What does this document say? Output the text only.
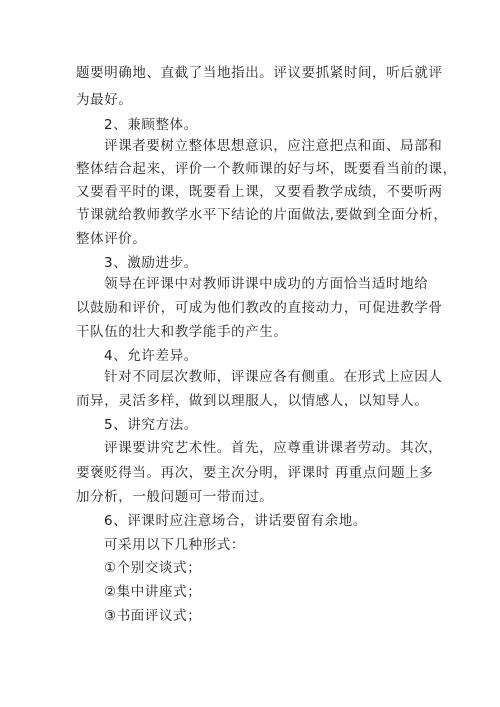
题要明确地、直截了当地指出。评议要抓紧时间，听后就评
为最好。
2、兼顾整体。
评课者要树立整体思想意识，应注意把点和面、局部和
整体结合起来，评价一个教师课的好与坏，既要看当前的课，
又要看平时的课，既要看上课，又要看教学成绩，不要听两
节课就给教师教学水平下结论的片面做法,要做到全面分析，
整体评价。
3、激励进步。
领导在评课中对教师讲课中成功的方面恰当适时地给
以鼓励和评价，可成为他们教改的直接动力，可促进教学骨
干队伍的壮大和教学能手的产生。
4、允许差异。
针对不同层次教师，评课应各有侧重。在形式上应因人
而异，灵活多样，做到以理服人，以情感人，以知导人。
5、讲究方法。
评课要讲究艺术性。首先，应尊重讲课者劳动。其次，
要褒贬得当。再次，要主次分明，评课时 再重点问题上多
加分析，一般问题可一带而过。
6、评课时应注意场合，讲话要留有余地。
可采用以下几种形式：
①个别交谈式；
②集中讲座式；
③书面评议式；
